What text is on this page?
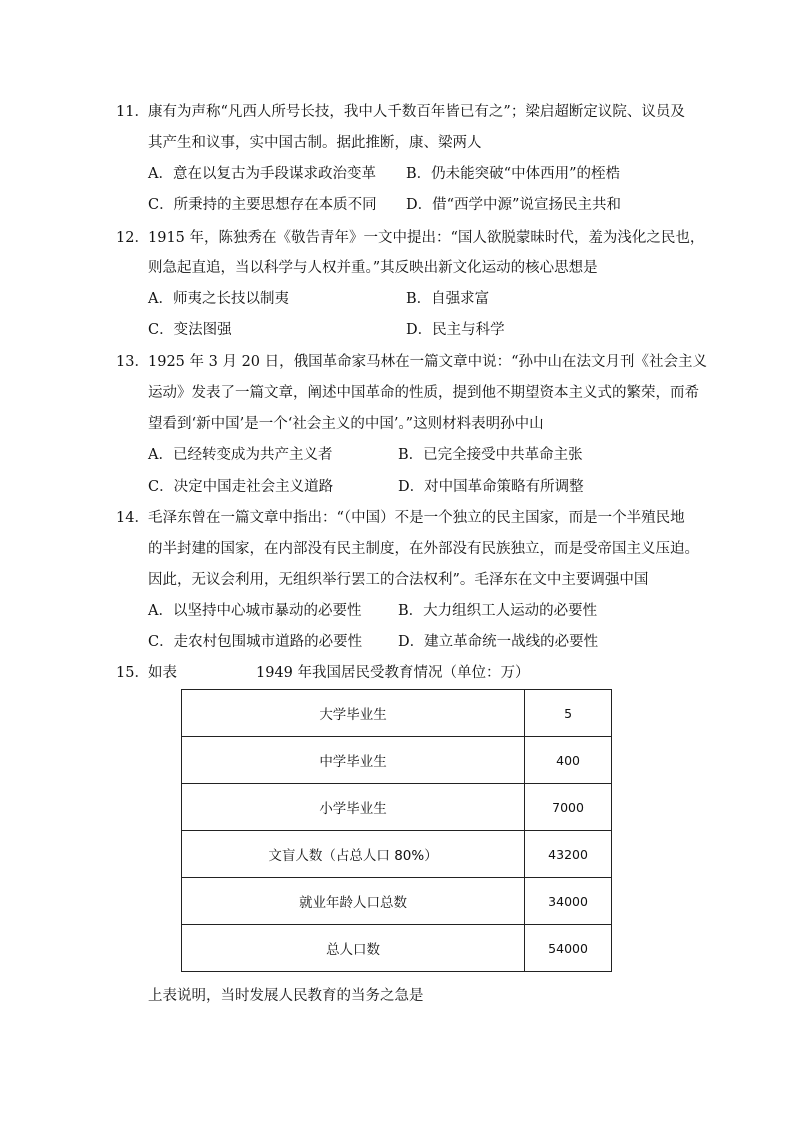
11． 康有为声称“凡西人所号长技，我中人千数百年皆已有之”；梁启超断定议院、议员及
其产生和议事，实中国古制。据此推断，康、梁两人
A．意在以复古为手段谋求政治变革 B．仍未能突破“中体西用”的桎梏
C．所秉持的主要思想存在本质不同 D．借“西学中源”说宣扬民主共和
12． 1915 年，陈独秀在《敬告青年》一文中提出：“国人欲脱蒙昧时代，羞为浅化之民也，
则急起直追，当以科学与人权并重。”其反映出新文化运动的核心思想是
A．师夷之长技以制夷	B．自强求富
C．变法图强	D．民主与科学
13． 1925 年 3 月 20 日，俄国革命家马林在一篇文章中说：“孙中山在法文月刊《社会主义
运动》发表了一篇文章，阐述中国革命的性质，提到他不期望资本主义式的繁荣，而希
望看到‘新中国’是一个‘社会主义的中国’。”这则材料表明孙中山
A．已经转变成为共产主义者	B．已完全接受中共革命主张
C．决定中国走社会主义道路	D．对中国革命策略有所调整
14． 毛泽东曾在一篇文章中指出：“（中国）不是一个独立的民主国家，而是一个半殖民地
的半封建的国家，在内部没有民主制度，在外部没有民族独立，而是受帝国主义压迫。
因此，无议会利用，无组织举行罢工的合法权利”。毛泽东在文中主要调强中国
A．以坚持中心城市暴动的必要性	B．大力组织工人运动的必要性
C．走农村包围城市道路的必要性 D．建立革命统一战线的必要性
15． 如表	1949 年我国居民受教育情况（单位：万）
大学毕业生	5
中学毕业生	400
小学毕业生	7000
文盲人数（占总人口 80%）	43200
就业年龄人口总数	34000
总人口数	54000
上表说明，当时发展人民教育的当务之急是
